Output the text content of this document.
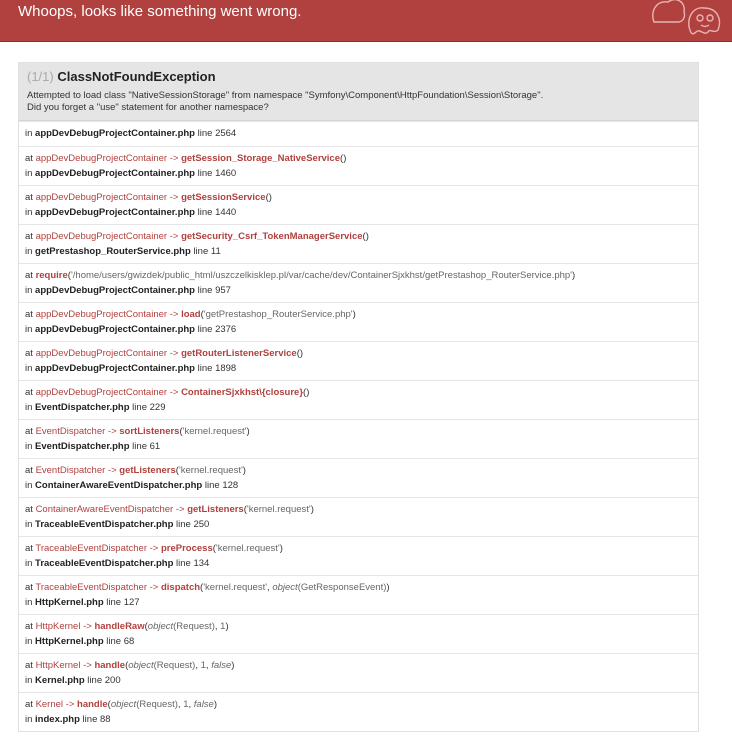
Whoops, looks like something went wrong.
(1/1) ClassNotFoundException
Attempted to load class "NativeSessionStorage" from namespace "Symfony\Component\HttpFoundation\Session\Storage".
Did you forget a "use" statement for another namespace?
in appDevDebugProjectContainer.php line 2564
at appDevDebugProjectContainer -> getSession_Storage_NativeService()
in appDevDebugProjectContainer.php line 1460
at appDevDebugProjectContainer -> getSessionService()
in appDevDebugProjectContainer.php line 1440
at appDevDebugProjectContainer -> getSecurity_Csrf_TokenManagerService()
in getPrestashop_RouterService.php line 11
at require('/home/users/gwizdek/public_html/uszczelkisklep.pl/var/cache/dev/ContainerSjxkhst/getPrestashop_RouterService.php')
in appDevDebugProjectContainer.php line 957
at appDevDebugProjectContainer -> load('getPrestashop_RouterService.php')
in appDevDebugProjectContainer.php line 2376
at appDevDebugProjectContainer -> getRouterListenerService()
in appDevDebugProjectContainer.php line 1898
at appDevDebugProjectContainer -> ContainerSjxkhst\{closure}()
in EventDispatcher.php line 229
at EventDispatcher -> sortListeners('kernel.request')
in EventDispatcher.php line 61
at EventDispatcher -> getListeners('kernel.request')
in ContainerAwareEventDispatcher.php line 128
at ContainerAwareEventDispatcher -> getListeners('kernel.request')
in TraceableEventDispatcher.php line 250
at TraceableEventDispatcher -> preProcess('kernel.request')
in TraceableEventDispatcher.php line 134
at TraceableEventDispatcher -> dispatch('kernel.request', object(GetResponseEvent))
in HttpKernel.php line 127
at HttpKernel -> handleRaw(object(Request), 1)
in HttpKernel.php line 68
at HttpKernel -> handle(object(Request), 1, false)
in Kernel.php line 200
at Kernel -> handle(object(Request), 1, false)
in index.php line 88
